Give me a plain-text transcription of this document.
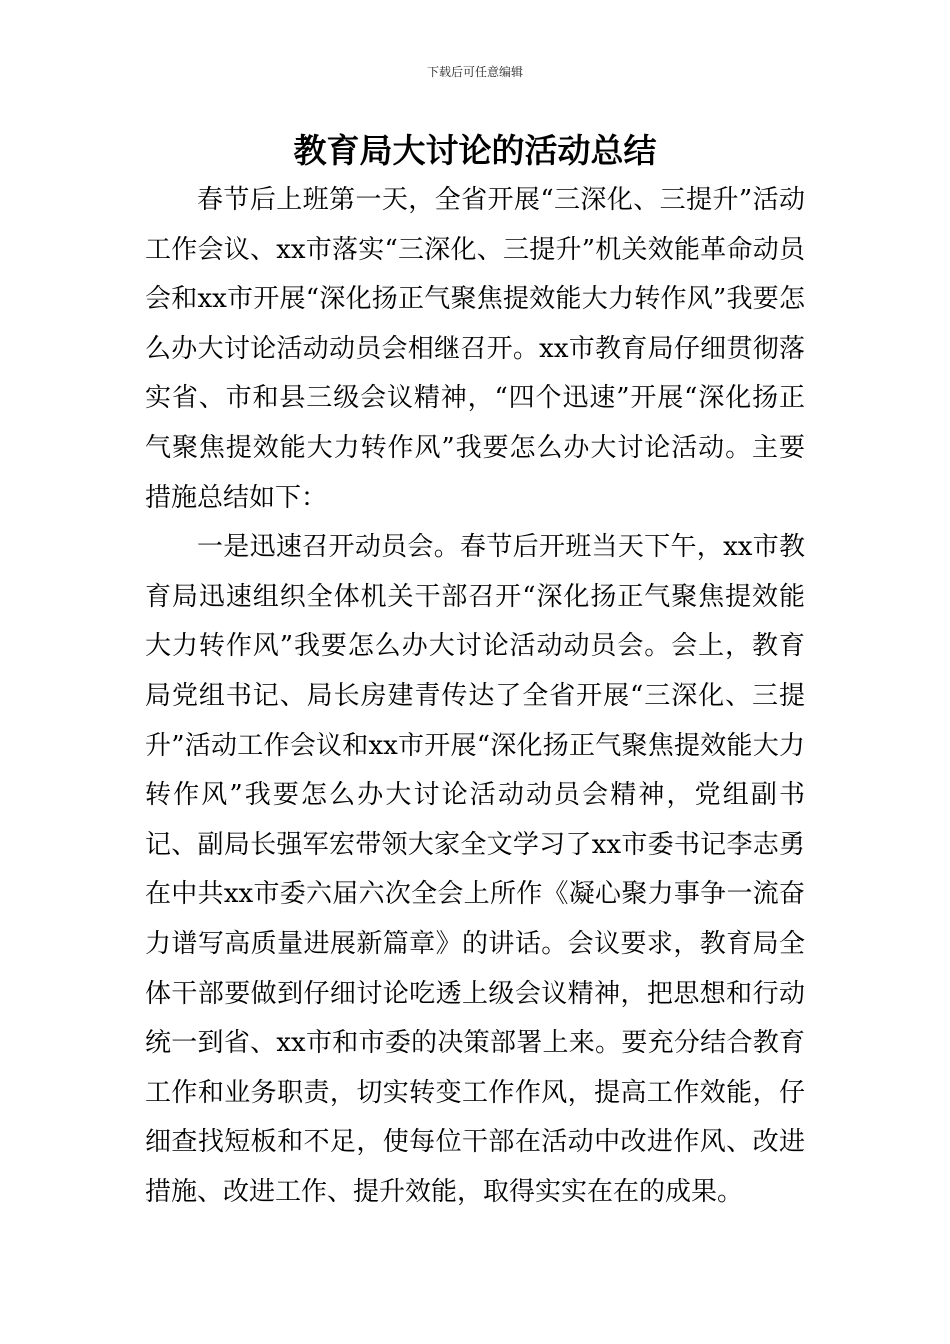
下载后可任意编辑
教育局大讨论的活动总结

春节后上班第一天，全省开展“三深化、三提升”活动工作会议、xx市落实“三深化、三提升”机关效能革命动员会和xx市开展“深化扬正气聚焦提效能大力转作风”我要怎么办大讨论活动动员会相继召开。xx市教育局仔细贯彻落实省、市和县三级会议精神，“四个迅速”开展“深化扬正气聚焦提效能大力转作风”我要怎么办大讨论活动。主要措施总结如下：

一是迅速召开动员会。春节后开班当天下午，xx市教育局迅速组织全体机关干部召开“深化扬正气聚焦提效能大力转作风”我要怎么办大讨论活动动员会。会上，教育局党组书记、局长房建青传达了全省开展“三深化、三提升”活动工作会议和xx市开展“深化扬正气聚焦提效能大力转作风”我要怎么办大讨论活动动员会精神，党组副书记、副局长强军宏带领大家全文学习了xx市委书记李志勇在中共xx市委六届六次全会上所作《凝心聚力事争一流奋力谱写高质量进展新篇章》的讲话。会议要求，教育局全体干部要做到仔细讨论吃透上级会议精神，把思想和行动统一到省、xx市和市委的决策部署上来。要充分结合教育工作和业务职责，切实转变工作作风，提高工作效能，仔细查找短板和不足，使每位干部在活动中改进作风、改进措施、改进工作、提升效能，取得实实在在的成果。
